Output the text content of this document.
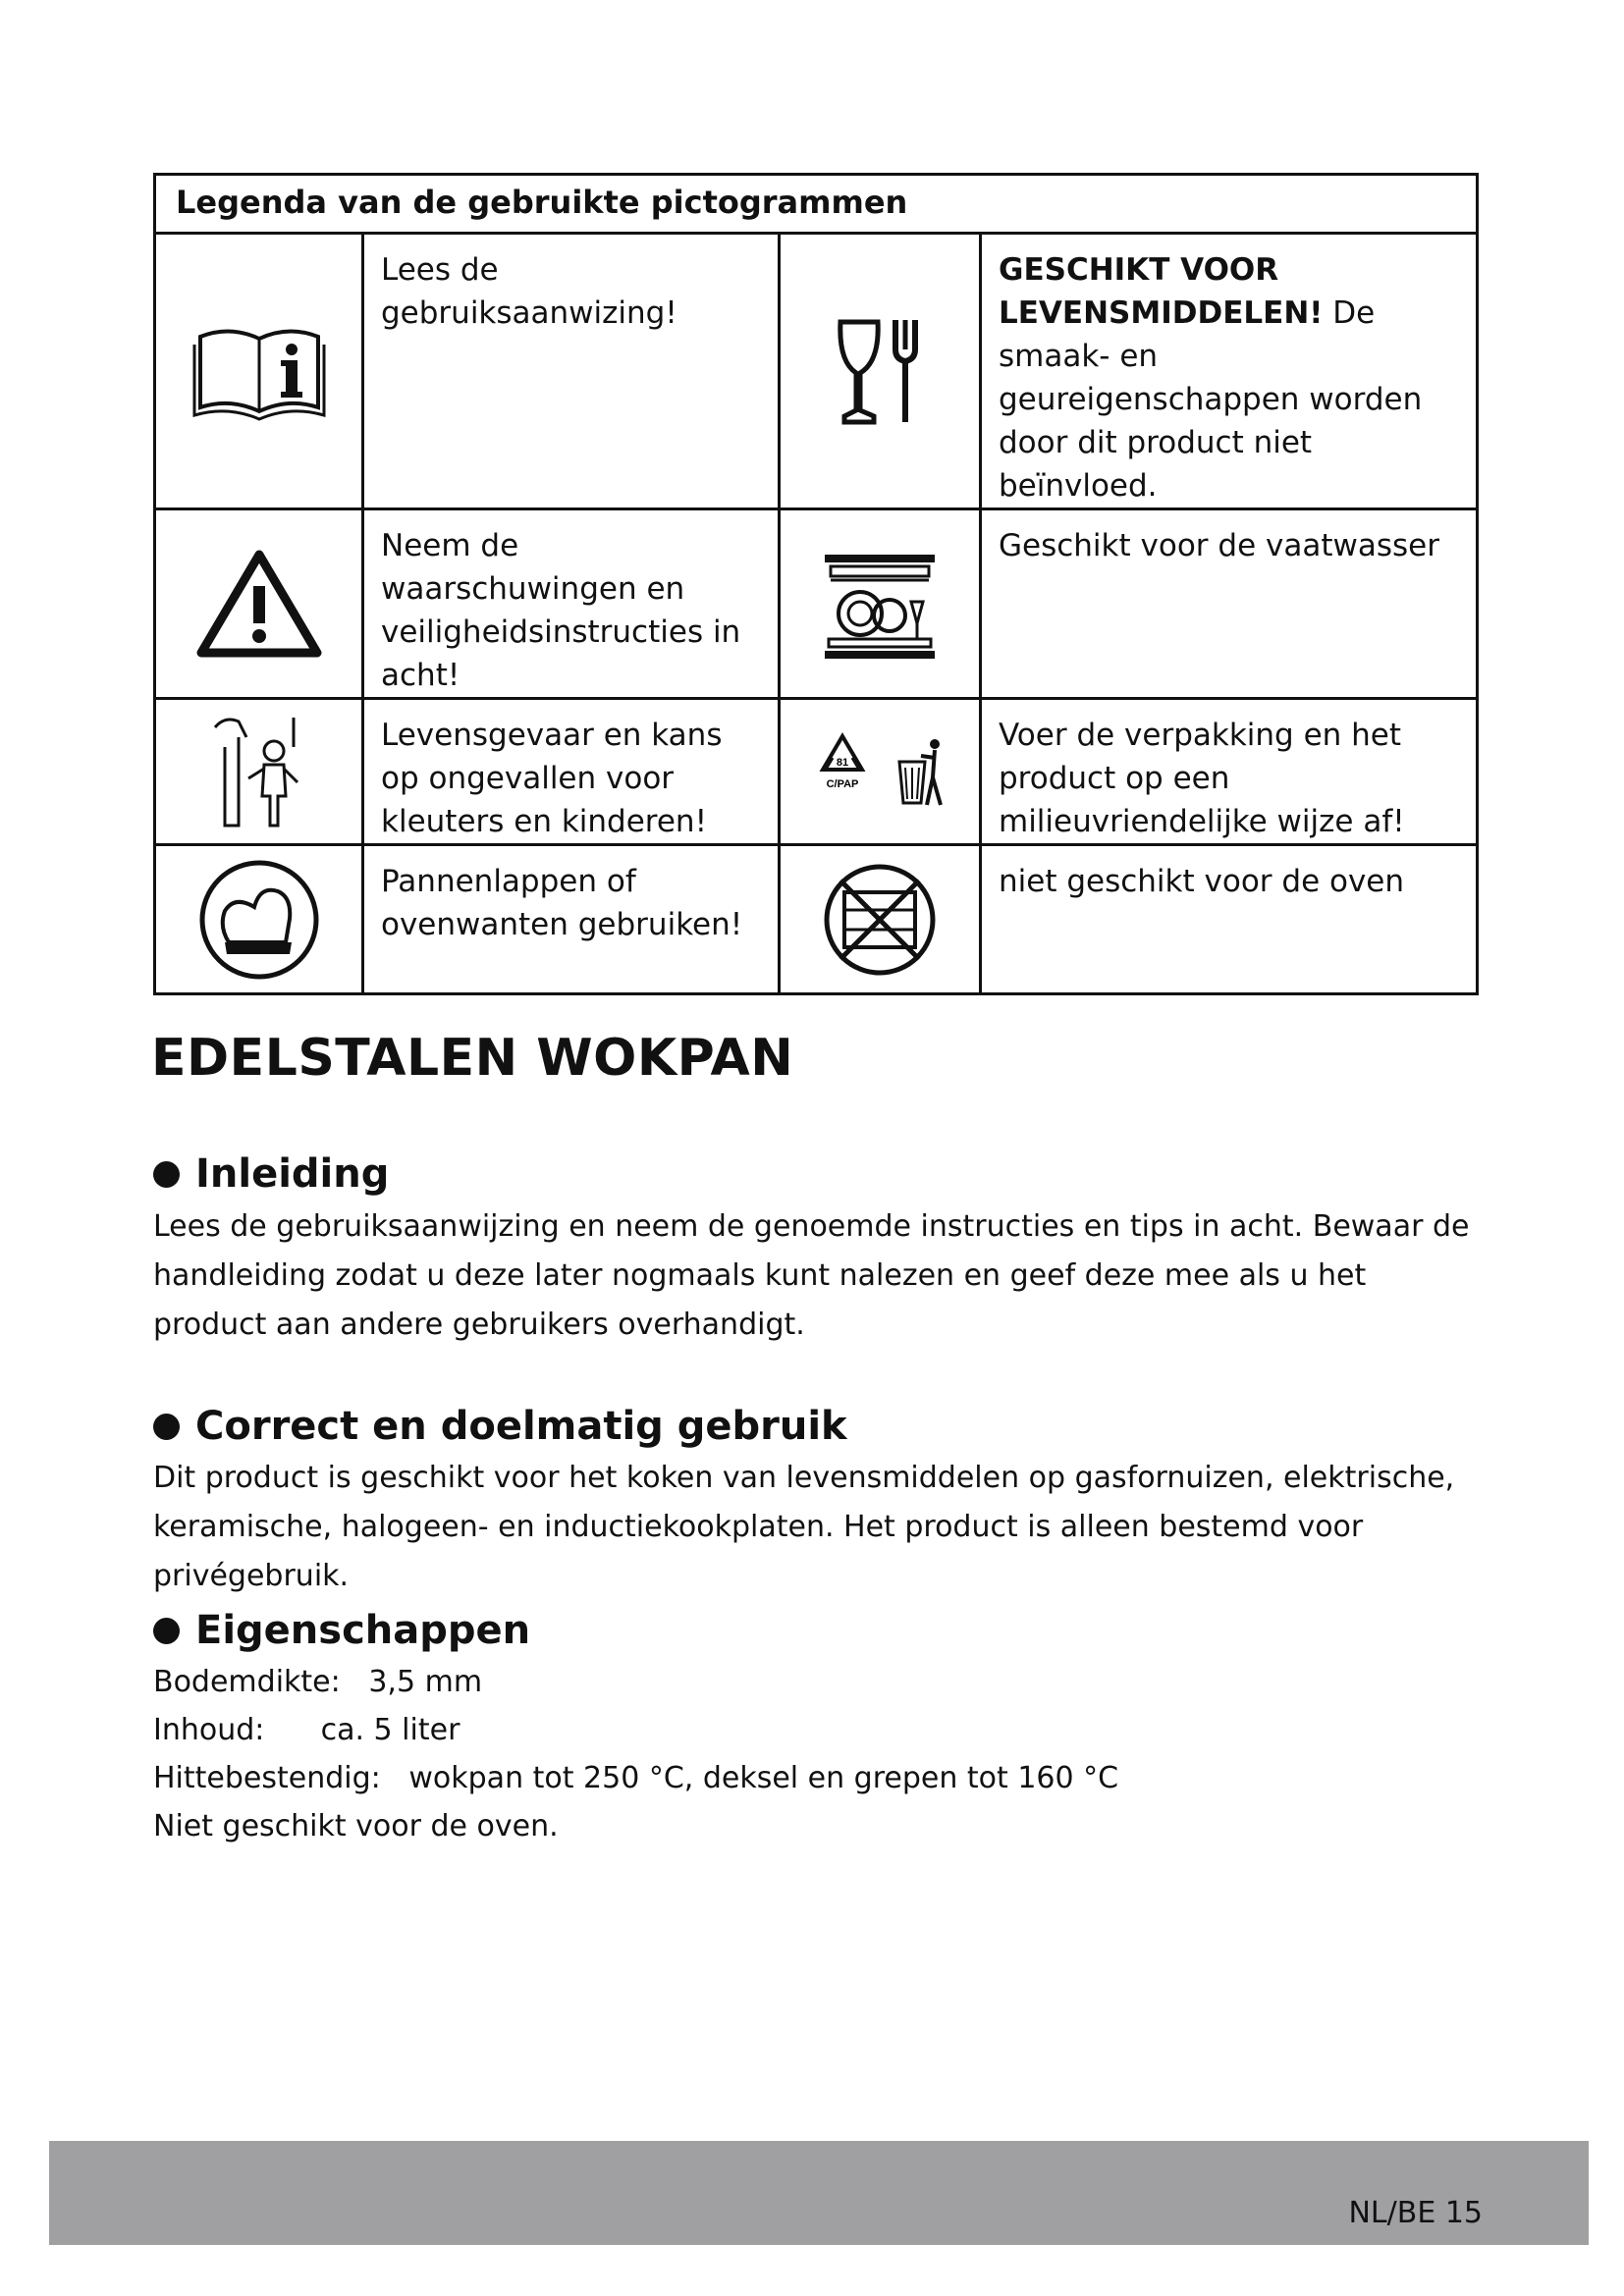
Legenda van de gebruikte pictogrammen
Lees de gebruiksaanwizing!
GESCHIKT VOOR LEVENSMIDDELEN! De smaak- en geureigenschappen worden door dit product niet beïnvloed.
Neem de waarschuwingen en veiligheidsinstructies in acht!
Geschikt voor de vaatwasser
Levensgevaar en kans op ongevallen voor kleuters en kinderen!
81
C/PAP
Voer de verpakking en het product op een milieuvriendelijke wijze af!
Pannenlappen of ovenwanten gebruiken!
niet geschikt voor de oven
EDELSTALEN WOKPAN
Inleiding

Lees de gebruiksaanwijzing en neem de genoemde instructies en tips in acht. Bewaar de handleiding zodat u deze later nogmaals kunt nalezen en geef deze mee als u het product aan andere gebruikers overhandigt.

Correct en doelmatig gebruik

Dit product is geschikt voor het koken van levensmiddelen op gasfornuizen, elektrische, keramische, halogeen- en inductiekookplaten. Het product is alleen bestemd voor privégebruik.

Eigenschappen

Bodemdikte:   3,5 mm

Inhoud:      ca. 5 liter

Hittebestendig:   wokpan tot 250 °C, deksel en grepen tot 160 °C

Niet geschikt voor de oven.

NL/BE 15
